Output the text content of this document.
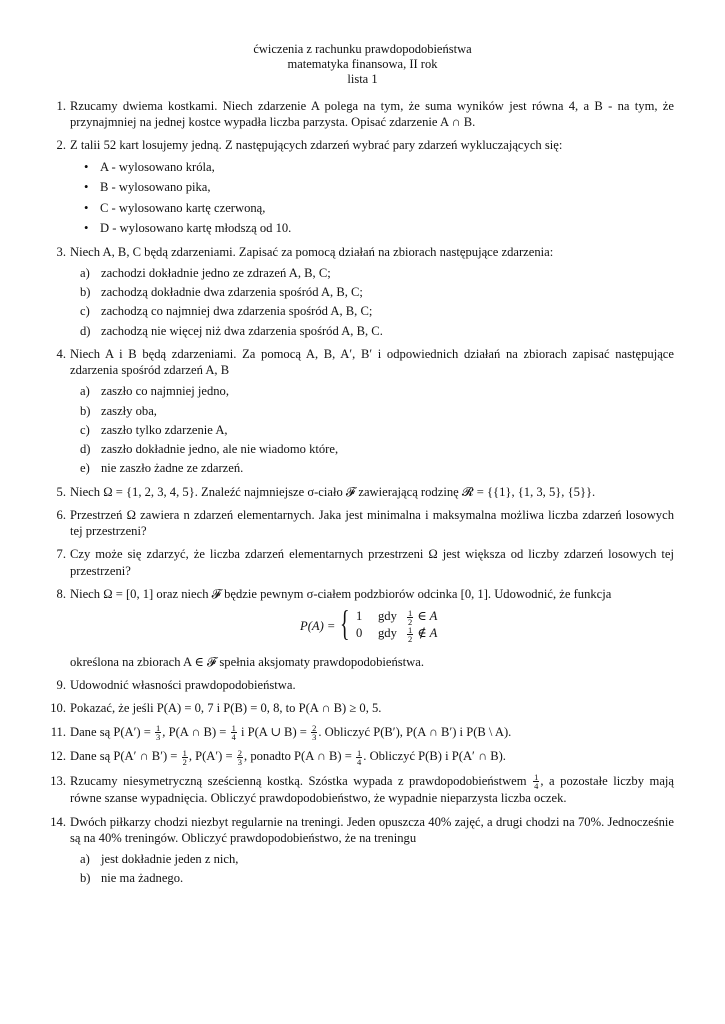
ćwiczenia z rachunku prawdopodobieństwa
matematyka finansowa, II rok
lista 1
1. Rzucamy dwiema kostkami. Niech zdarzenie A polega na tym, że suma wyników jest równa 4, a B - na tym, że przynajmniej na jednej kostce wypadła liczba parzysta. Opisać zdarzenie A ∩ B.
2. Z talii 52 kart losujemy jedną. Z następujących zdarzeń wybrać pary zdarzeń wykluczających się:
• A - wylosowano króla,
• B - wylosowano pika,
• C - wylosowano kartę czerwoną,
• D - wylosowano kartę młodszą od 10.
3. Niech A, B, C będą zdarzeniami. Zapisać za pomocą działań na zbiorach następujące zdarzenia:
a) zachodzi dokładnie jedno ze zdrazeń A, B, C;
b) zachodzą dokładnie dwa zdarzenia spośród A, B, C;
c) zachodzą co najmniej dwa zdarzenia spośród A, B, C;
d) zachodzą nie więcej niż dwa zdarzenia spośród A, B, C.
4. Niech A i B będą zdarzeniami. Za pomocą A, B, A′, B′ i odpowiednich działań na zbiorach zapisać następujące zdarzenia spośród zdarzeń A, B
a) zaszło co najmniej jedno,
b) zaszły oba,
c) zaszło tylko zdarzenie A,
d) zaszło dokładnie jedno, ale nie wiadomo które,
e) nie zaszło żadne ze zdarzeń.
5. Niech Ω = {1, 2, 3, 4, 5}. Znaleźć najmniejsze σ-ciało 𝓕 zawierającą rodzinę 𝓡 = {{1}, {1, 3, 5}, {5}}.
6. Przestrzeń Ω zawiera n zdarzeń elementarnych. Jaka jest minimalna i maksymalna możliwa liczba zdarzeń losowych tej przestrzeni?
7. Czy może się zdarzyć, że liczba zdarzeń elementarnych przestrzeni Ω jest większa od liczby zdarzeń losowych tej przestrzeni?
8. Niech Ω = [0, 1] oraz niech 𝓕 będzie pewnym σ-ciałem podzbiorów odcinka [0, 1]. Udowodnić, że funkcja
P(A) = { 1 gdy $\frac{1}{2}$ ∈ A
0 gdy $\frac{1}{2}$ ∉ A
określona na zbiorach A ∈ 𝓕 spełnia aksjomaty prawdopodobieństwa.
9. Udowodnić własności prawdopodobieństwa.
10. Pokazać, że jeśli P(A) = 0, 7 i P(B) = 0, 8, to P(A ∩ B) ≥ 0, 5.
11. Dane są $P(A') = \frac{1}{3}$ , P(A ∩ $B) = \frac{1}{4}$ i P(A ∪ $B) = \frac{2}{3}$ . Obliczyć P(B′), P(A ∩ B′) i P(B \ A).
12. Dane są P(A′ ∩ $B') = \frac{1}{2}$ , $P(A') = \frac{2}{3}$ , ponadto P(A ∩ $B) = \frac{1}{4}$ . Obliczyć P(B) i P(A′ ∩ B).
13. Rzucamy niesymetryczną sześcienną kostką. Szóstka wypada z prawdopodobieństwem $\frac{1}{4}$ , a pozostałe liczby mają równe szanse wypadnięcia. Obliczyć prawdopodobieństwo, że wypadnie nieparzysta liczba oczek.
14. Dwóch piłkarzy chodzi niezbyt regularnie na treningi. Jeden opuszcza 40% zajęć, a drugi chodzi na 70%. Jednocześnie są na 40% treningów. Obliczyć prawdopodobieństwo, że na treningu
a) jest dokładnie jeden z nich,
b) nie ma żadnego.
